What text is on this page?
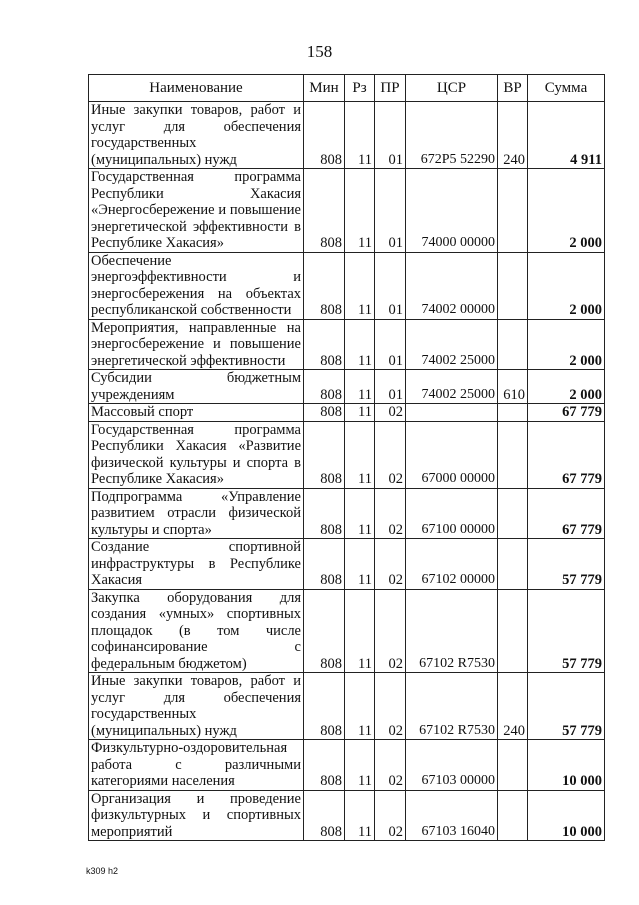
158
Наименование	Мин	Рз	ПР	ЦСР	ВР	Сумма
Иные закупки товаров, работ и услуг для обеспечения государственных (муниципальных) нужд	808	11	01	672Р5 52290	240	4 911
Государственная программа Республики Хакасия «Энергосбережение и повышение энергетической эффективности в Республике Хакасия»	808	11	01	74000 00000		2 000
Обеспечение энергоэффективности и энергосбережения на объектах республиканской собственности	808	11	01	74002 00000		2 000
Мероприятия, направленные на энергосбережение и повышение энергетической эффективности	808	11	01	74002 25000		2 000
Субсидии бюджетным учреждениям	808	11	01	74002 25000	610	2 000
Массовый спорт	808	11	02			67 779
Государственная программа Республики Хакасия «Развитие физической культуры и спорта в Республике Хакасия»	808	11	02	67000 00000		67 779
Подпрограмма «Управление развитием отрасли физической культуры и спорта»	808	11	02	67100 00000		67 779
Создание спортивной инфраструктуры в Республике Хакасия	808	11	02	67102 00000		57 779
Закупка оборудования для создания «умных» спортивных площадок (в том числе софинансирование с федеральным бюджетом)	808	11	02	67102 R7530		57 779
Иные закупки товаров, работ и услуг для обеспечения государственных (муниципальных) нужд	808	11	02	67102 R7530	240	57 779
Физкультурно-оздоровительная работа с различными категориями населения	808	11	02	67103 00000		10 000
Организация и проведение физкультурных и спортивных мероприятий	808	11	02	67103 16040		10 000
k309 h2
